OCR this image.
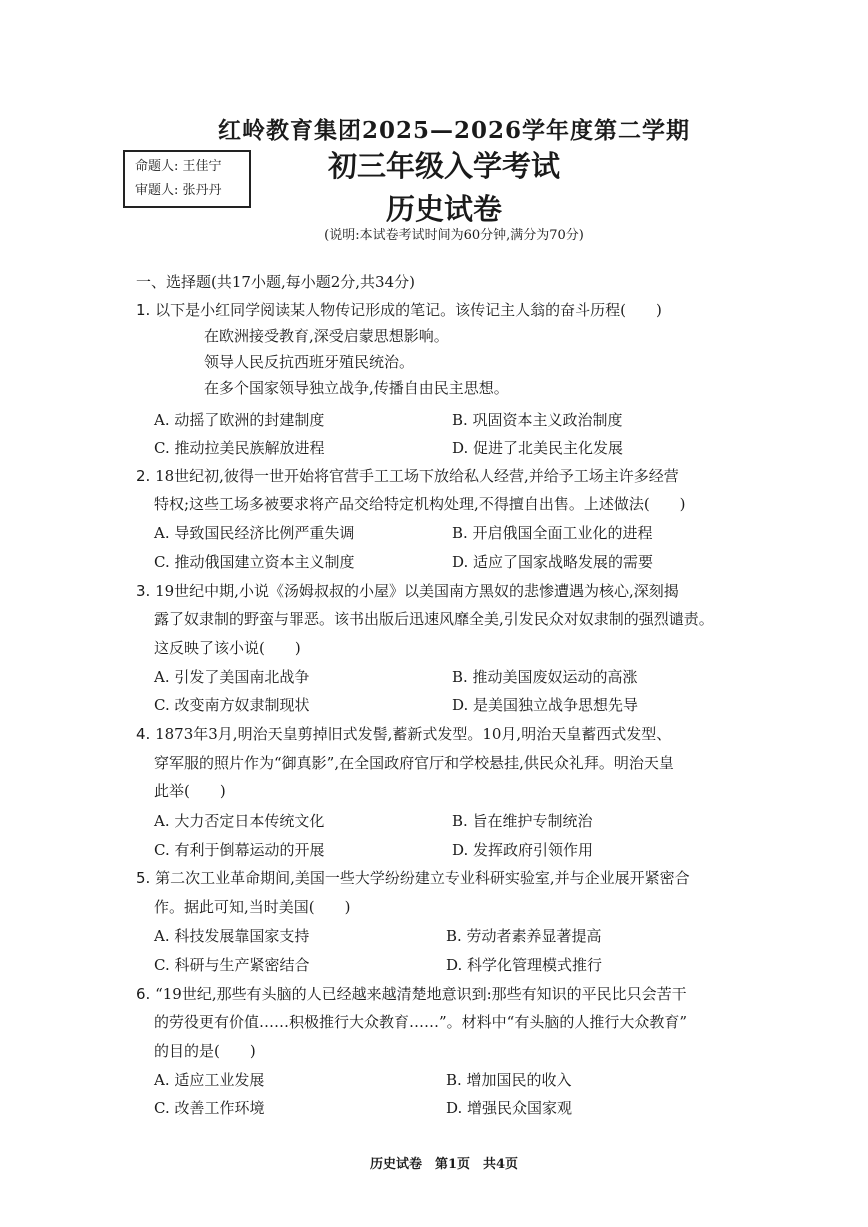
红岭教育集团2025—2026学年度第二学期
命题人: 王佳宁
审题人: 张丹丹
初三年级入学考试
历史试卷
(说明:本试卷考试时间为60分钟,满分为70分)
一、选择题(共17小题,每小题2分,共34分)
1. 以下是小红同学阅读某人物传记形成的笔记。该传记主人翁的奋斗历程(　　)
在欧洲接受教育,深受启蒙思想影响。
领导人民反抗西班牙殖民统治。
在多个国家领导独立战争,传播自由民主思想。
A. 动摇了欧洲的封建制度	B. 巩固资本主义政治制度
C. 推动拉美民族解放进程	D. 促进了北美民主化发展
2. 18世纪初,彼得一世开始将官营手工工场下放给私人经营,并给予工场主许多经营
特权;这些工场多被要求将产品交给特定机构处理,不得擅自出售。上述做法(　　)
A. 导致国民经济比例严重失调	B. 开启俄国全面工业化的进程
C. 推动俄国建立资本主义制度	D. 适应了国家战略发展的需要
3. 19世纪中期,小说《汤姆叔叔的小屋》以美国南方黑奴的悲惨遭遇为核心,深刻揭
露了奴隶制的野蛮与罪恶。该书出版后迅速风靡全美,引发民众对奴隶制的强烈谴责。
这反映了该小说(　　)
A. 引发了美国南北战争	B. 推动美国废奴运动的高涨
C. 改变南方奴隶制现状	D. 是美国独立战争思想先导
4. 1873年3月,明治天皇剪掉旧式发髻,蓄新式发型。10月,明治天皇蓄西式发型、
穿军服的照片作为“御真影”,在全国政府官厅和学校悬挂,供民众礼拜。明治天皇
此举(　　)
A. 大力否定日本传统文化	B. 旨在维护专制统治
C. 有利于倒幕运动的开展	D. 发挥政府引领作用
5. 第二次工业革命期间,美国一些大学纷纷建立专业科研实验室,并与企业展开紧密合
作。据此可知,当时美国(　　)
A. 科技发展靠国家支持	B. 劳动者素养显著提高
C. 科研与生产紧密结合	D. 科学化管理模式推行
6. “19世纪,那些有头脑的人已经越来越清楚地意识到:那些有知识的平民比只会苦干
的劳役更有价值……积极推行大众教育……”。材料中“有头脑的人推行大众教育”
的目的是(　　)
A. 适应工业发展	B. 增加国民的收入
C. 改善工作环境	D. 增强民众国家观
历史试卷　第1页　共4页
